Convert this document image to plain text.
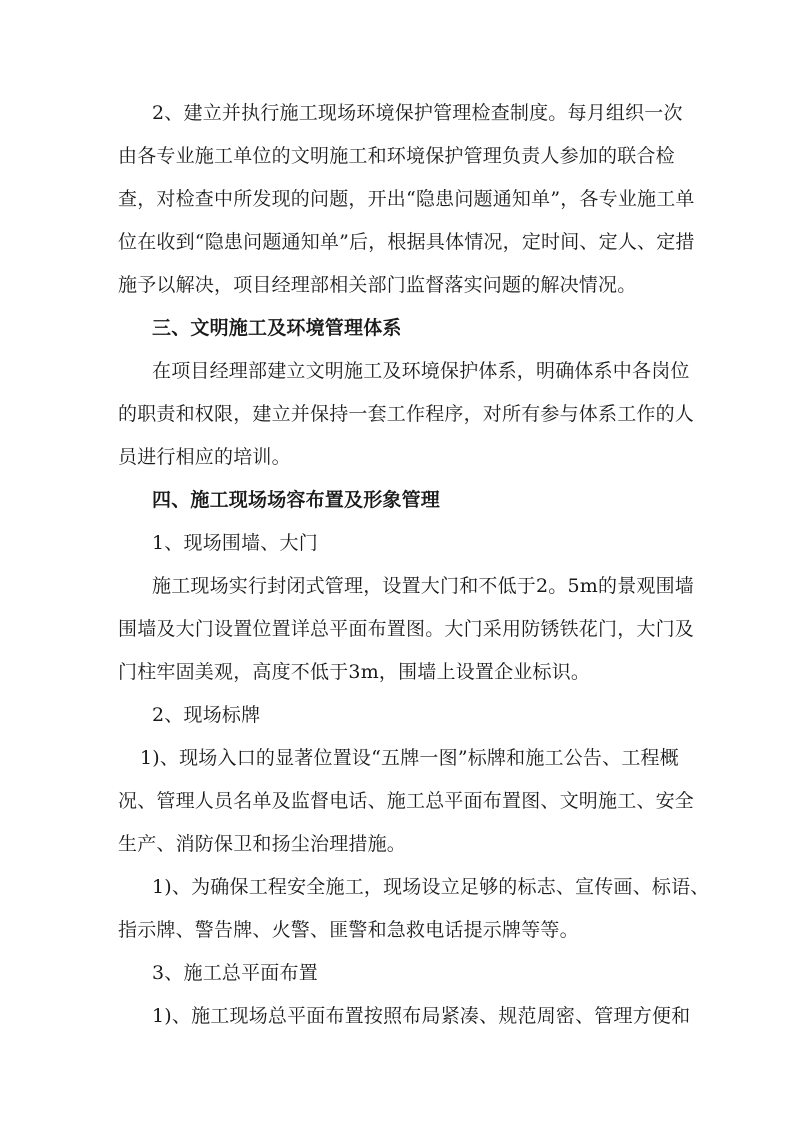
2、建立并执行施工现场环境保护管理检查制度。每月组织一次
由各专业施工单位的文明施工和环境保护管理负责人参加的联合检
查，对检查中所发现的问题，开出“隐患问题通知单”，各专业施工单
位在收到“隐患问题通知单”后，根据具体情况，定时间、定人、定措
施予以解决，项目经理部相关部门监督落实问题的解决情况。
三、文明施工及环境管理体系
在项目经理部建立文明施工及环境保护体系，明确体系中各岗位
的职责和权限，建立并保持一套工作程序，对所有参与体系工作的人
员进行相应的培训。
四、施工现场场容布置及形象管理
1、现场围墙、大门
施工现场实行封闭式管理，设置大门和不低于2。5m的景观围墙
围墙及大门设置位置详总平面布置图。大门采用防锈铁花门，大门及
门柱牢固美观，高度不低于3m，围墙上设置企业标识。
2、现场标牌
1)、现场入口的显著位置设“五牌一图”标牌和施工公告、工程概
况、管理人员名单及监督电话、施工总平面布置图、文明施工、安全
生产、消防保卫和扬尘治理措施。
1)、为确保工程安全施工，现场设立足够的标志、宣传画、标语、
指示牌、警告牌、火警、匪警和急救电话提示牌等等。
3、施工总平面布置
1)、施工现场总平面布置按照布局紧凑、规范周密、管理方便和
